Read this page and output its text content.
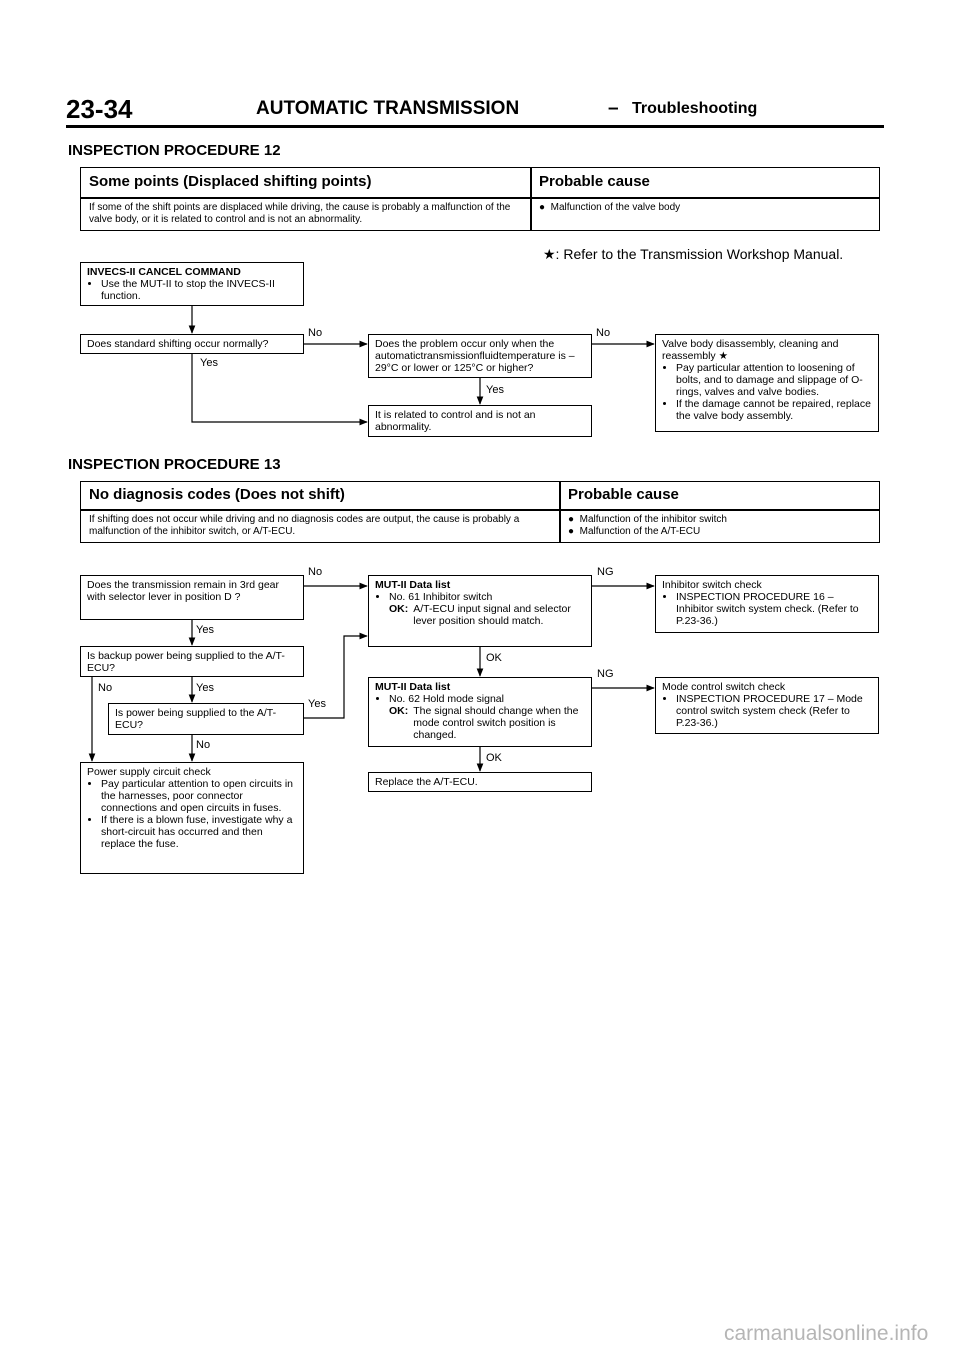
23-34	AUTOMATIC TRANSMISSION	– Troubleshooting
INSPECTION PROCEDURE 12
Some points (Displaced shifting points)	Probable cause
If some of the shift points are displaced while driving, the cause is probably a malfunction of the valve body, or it is related to control and is not an abnormality.
●  Malfunction of the valve body
★: Refer to the Transmission Workshop Manual.
INVECS-II CANCEL COMMAND
• Use the MUT-II to stop the INVECS-II function.
Does standard shifting occur normally?	Does the problem occur only when the automatictransmissionfluidtemperature is –29°C or lower or 125°C or higher?
It is related to control and is not an abnormality.
Valve body disassembly, cleaning and reassembly ★
• Pay particular attention to loosening of bolts, and to damage and slippage of O-rings, valves and valve bodies.
• If the damage cannot be repaired, replace the valve body assembly.
No
Yes
No
Yes
INSPECTION PROCEDURE 13
No diagnosis codes (Does not shift)	Probable cause
If shifting does not occur while driving and no diagnosis codes are output, the cause is probably a malfunction of the inhibitor switch, or A/T-ECU.
●  Malfunction of the inhibitor switch
●  Malfunction of the A/T-ECU
Does the transmission remain in 3rd gear with selector lever in position D ?
Is backup power being supplied to the A/T-ECU?
Is power being supplied to the A/T-ECU?
Power supply circuit check
• Pay particular attention to open circuits in the harnesses, poor connector connections and open circuits in fuses.
• If there is a blown fuse, investigate why a short-circuit has occurred and then replace the fuse.
MUT-II Data list
• No. 61 Inhibitor switch
OK: A/T-ECU input signal and selector lever position should match.
MUT-II Data list
• No. 62 Hold mode signal
OK: The signal should change when the mode control switch position is changed.
Replace the A/T-ECU.
Inhibitor switch check
• INSPECTION PROCEDURE 16 – Inhibitor switch system check. (Refer to P.23-36.)
Mode control switch check
• INSPECTION PROCEDURE 17 – Mode control switch system check (Refer to P.23-36.)
No
Yes
No	Yes
Yes
No
OK
OK
NG
NG
carmanualsonline.info
